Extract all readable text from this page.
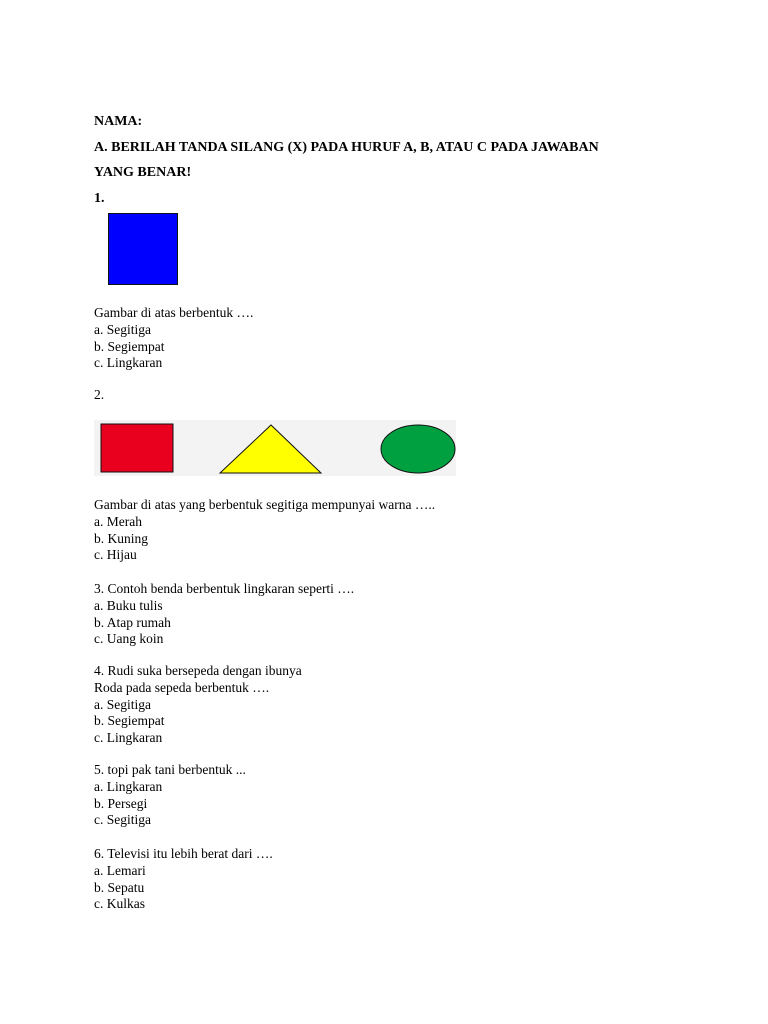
NAMA:
A. BERILAH TANDA SILANG (X) PADA HURUF A, B, ATAU C PADA JAWABAN
YANG BENAR!
1.
Gambar di atas berbentuk ….
a. Segitiga
b. Segiempat
c. Lingkaran
2.
Gambar di atas yang berbentuk segitiga mempunyai warna …..
a. Merah
b. Kuning
c. Hijau
3. Contoh benda berbentuk lingkaran seperti ….
a. Buku tulis
b. Atap rumah
c. Uang koin
4. Rudi suka bersepeda dengan ibunya
Roda pada sepeda berbentuk ….
a. Segitiga
b. Segiempat
c. Lingkaran
5. topi pak tani berbentuk ...
a. Lingkaran
b. Persegi
c. Segitiga
6. Televisi itu lebih berat dari ….
a. Lemari
b. Sepatu
c. Kulkas
